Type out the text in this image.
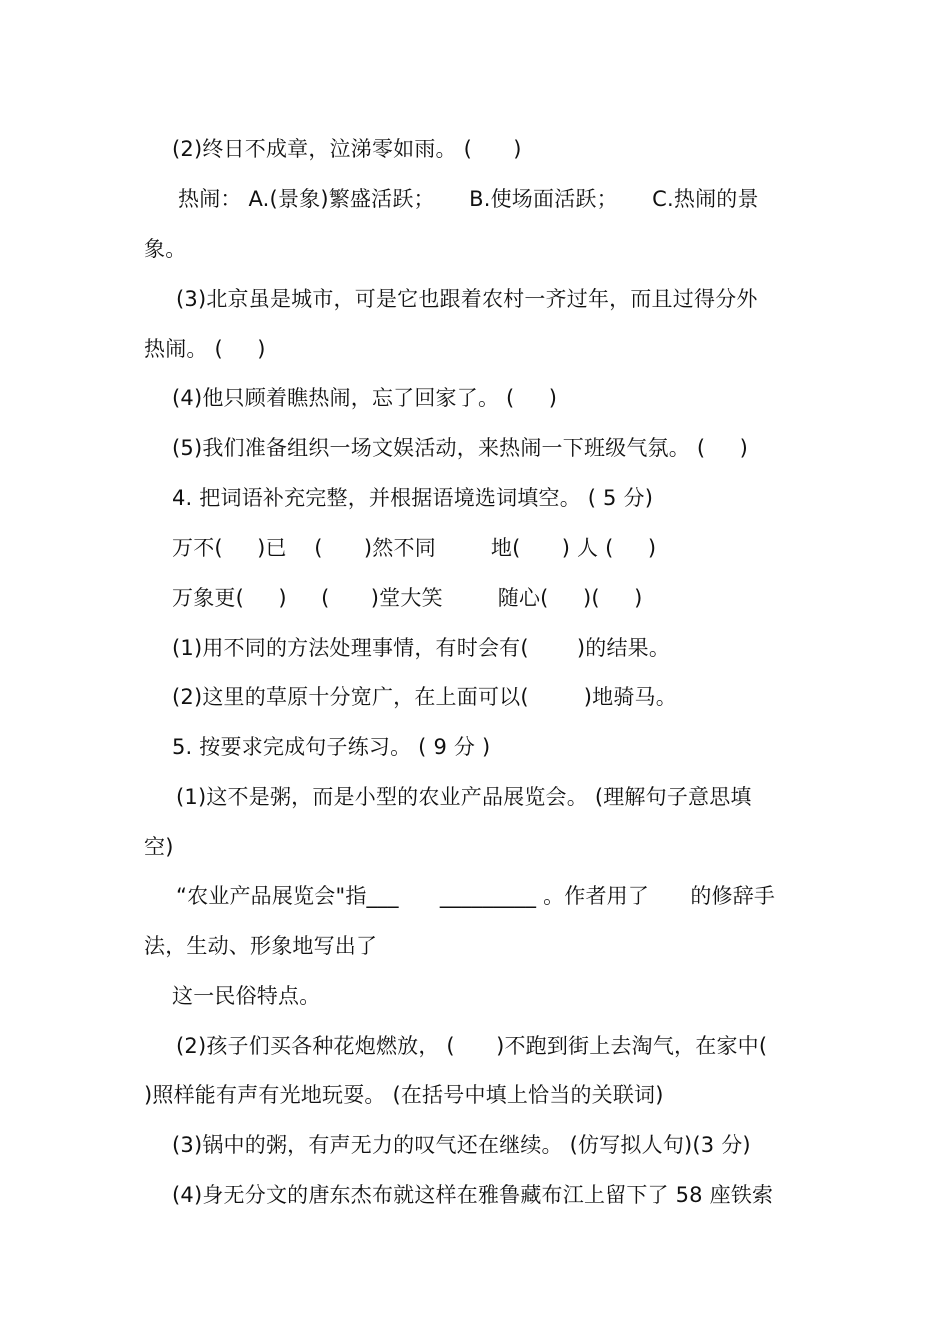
(2)终日不成章，泣涕零如雨。 (      )
热闹： A.(景象)繁盛活跃；     B.使场面活跃；     C.热闹的景
象。
(3)北京虽是城市，可是它也跟着农村一齐过年，而且过得分外
热闹。 (     )
(4)他只顾着瞧热闹，忘了回家了。 (     )
(5)我们准备组织一场文娱活动，来热闹一下班级气氛。 (     )
4. 把词语补充完整，并根据语境选词填空。 ( 5 分)
万不(     )已    (      )然不同        地(      ) 人 (     )
万象更(     )     (      )堂大笑        随心(     )(     )
(1)用不同的方法处理事情，有时会有(       )的结果。
(2)这里的草原十分宽广，在上面可以(        )地骑马。
5. 按要求完成句子练习。 ( 9 分 )
(1)这不是粥，而是小型的农业产品展览会。 (理解句子意思填
空)
“农业产品展览会"指___      _________ 。作者用了      的修辞手
法，生动、形象地写出了
这一民俗特点。
(2)孩子们买各种花炮燃放， (      )不跑到街上去淘气，在家中(
)照样能有声有光地玩耍。 (在括号中填上恰当的关联词)
(3)锅中的粥，有声无力的叹气还在继续。 (仿写拟人句)(3 分)
(4)身无分文的唐东杰布就这样在雅鲁藏布江上留下了 58 座铁索
